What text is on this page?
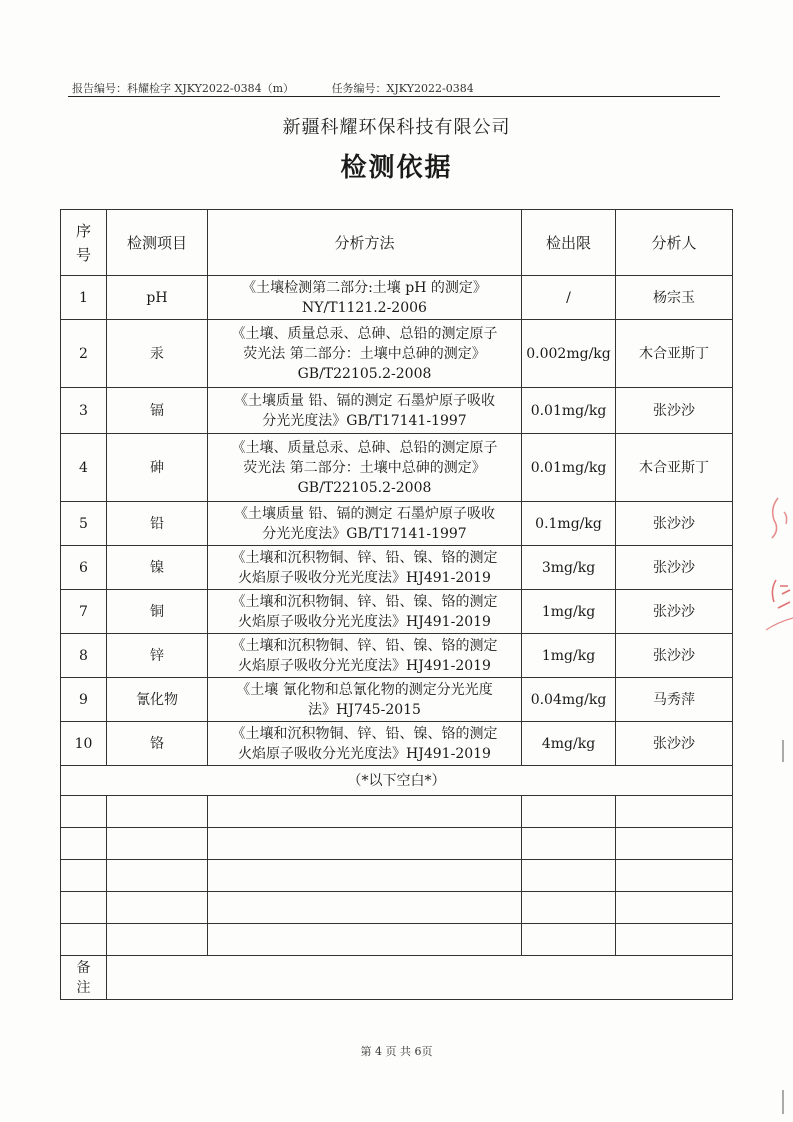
报告编号：科耀检字 XJKY2022-0384（m）	任务编号：XJKY2022-0384
新疆科耀环保科技有限公司
检测依据
序
号	检测项目	分析方法	检出限	分析人
1	pH	《土壤检测第二部分:土壤 pH 的测定》
NY/T1121.2-2006	/	杨宗玉
2	汞	《土壤、质量总汞、总砷、总铅的测定原子
荧光法 第二部分：土壤中总砷的测定》
GB/T22105.2-2008	0.002mg/kg	木合亚斯丁
3	镉	《土壤质量 铅、镉的测定 石墨炉原子吸收
分光光度法》GB/T17141-1997	0.01mg/kg	张沙沙
4	砷	《土壤、质量总汞、总砷、总铅的测定原子
荧光法 第二部分：土壤中总砷的测定》
GB/T22105.2-2008	0.01mg/kg	木合亚斯丁
5	铅	《土壤质量 铅、镉的测定 石墨炉原子吸收
分光光度法》GB/T17141-1997	0.1mg/kg	张沙沙
6	镍	《土壤和沉积物铜、锌、铅、镍、铬的测定
火焰原子吸收分光光度法》HJ491-2019	3mg/kg	张沙沙
7	铜	《土壤和沉积物铜、锌、铅、镍、铬的测定
火焰原子吸收分光光度法》HJ491-2019	1mg/kg	张沙沙
8	锌	《土壤和沉积物铜、锌、铅、镍、铬的测定
火焰原子吸收分光光度法》HJ491-2019	1mg/kg	张沙沙
9	氰化物	《土壤 氰化物和总氰化物的测定分光光度
法》HJ745-2015	0.04mg/kg	马秀萍
10	铬	《土壤和沉积物铜、锌、铅、镍、铬的测定
火焰原子吸收分光光度法》HJ491-2019	4mg/kg	张沙沙
（*以下空白*）				

备
注				

第 4 页 共 6页
